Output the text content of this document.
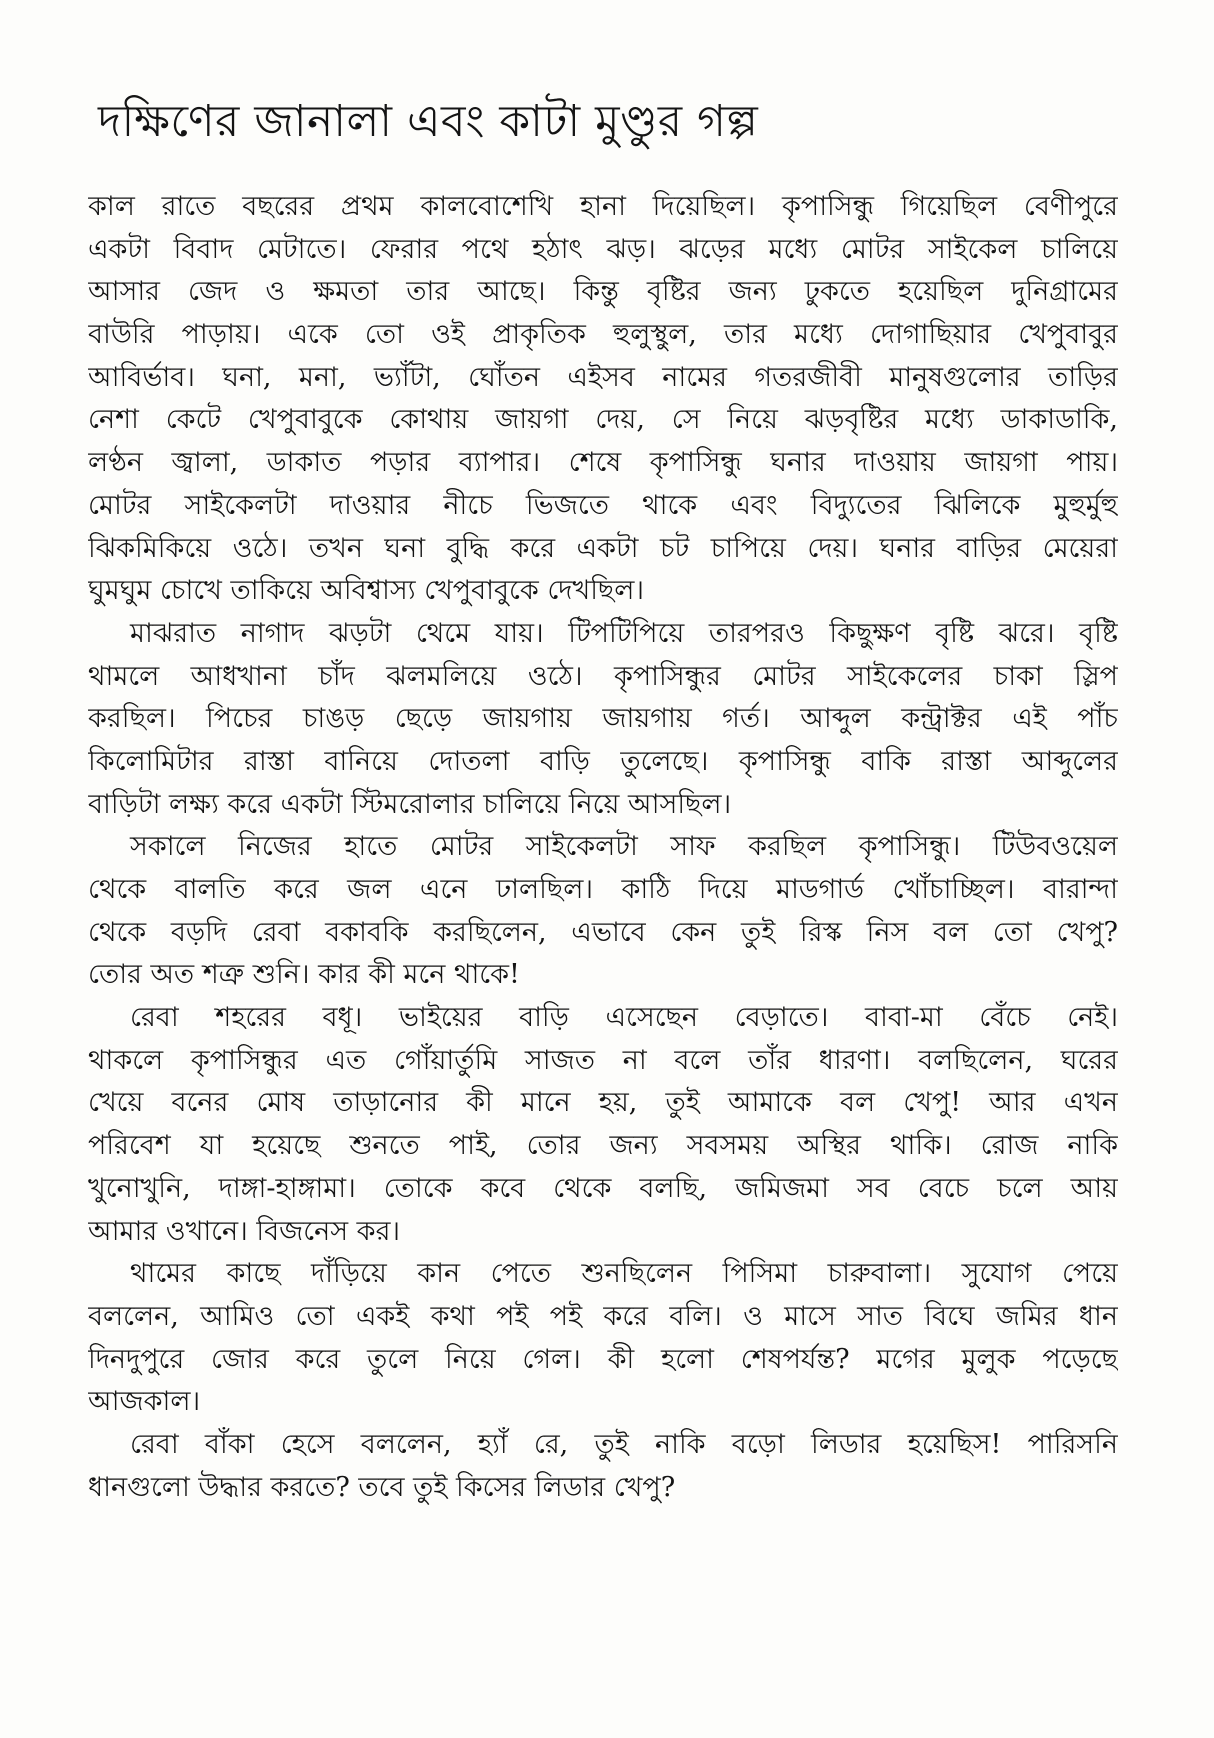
দক্ষিণের জানালা এবং কাটা মুণ্ডুর গল্প
কাল রাতে বছরের প্রথম কালবোশেখি হানা দিয়েছিল। কৃপাসিন্ধু গিয়েছিল বেণীপুরে
একটা বিবাদ মেটাতে। ফেরার পথে হঠাৎ ঝড়। ঝড়ের মধ্যে মোটর সাইকেল চালিয়ে
আসার জেদ ও ক্ষমতা তার আছে। কিন্তু বৃষ্টির জন্য ঢুকতে হয়েছিল দুনিগ্রামের
বাউরি পাড়ায়। একে তো ওই প্রাকৃতিক হুলুস্থুল, তার মধ্যে দোগাছিয়ার খেপুবাবুর
আবির্ভাব। ঘনা, মনা, ভ্যাঁটা, ঘোঁতন এইসব নামের গতরজীবী মানুষগুলোর তাড়ির
নেশা কেটে খেপুবাবুকে কোথায় জায়গা দেয়, সে নিয়ে ঝড়বৃষ্টির মধ্যে ডাকাডাকি,
লণ্ঠন জ্বালা, ডাকাত পড়ার ব্যাপার। শেষে কৃপাসিন্ধু ঘনার দাওয়ায় জায়গা পায়।
মোটর সাইকেলটা দাওয়ার নীচে ভিজতে থাকে এবং বিদ্যুতের ঝিলিকে মুহুর্মুহু
ঝিকমিকিয়ে ওঠে। তখন ঘনা বুদ্ধি করে একটা চট চাপিয়ে দেয়। ঘনার বাড়ির মেয়েরা
ঘুমঘুম চোখে তাকিয়ে অবিশ্বাস্য খেপুবাবুকে দেখছিল।
মাঝরাত নাগাদ ঝড়টা থেমে যায়। টিপটিপিয়ে তারপরও কিছুক্ষণ বৃষ্টি ঝরে। বৃষ্টি
থামলে আধখানা চাঁদ ঝলমলিয়ে ওঠে। কৃপাসিন্ধুর মোটর সাইকেলের চাকা স্লিপ
করছিল। পিচের চাঙড় ছেড়ে জায়গায় জায়গায় গর্ত। আব্দুল কন্ট্রাক্টর এই পাঁচ
কিলোমিটার রাস্তা বানিয়ে দোতলা বাড়ি তুলেছে। কৃপাসিন্ধু বাকি রাস্তা আব্দুলের
বাড়িটা লক্ষ্য করে একটা স্টিমরোলার চালিয়ে নিয়ে আসছিল।
সকালে নিজের হাতে মোটর সাইকেলটা সাফ করছিল কৃপাসিন্ধু। টিউবওয়েল
থেকে বালতি করে জল এনে ঢালছিল। কাঠি দিয়ে মাডগার্ড খোঁচাচ্ছিল। বারান্দা
থেকে বড়দি রেবা বকাবকি করছিলেন, এভাবে কেন তুই রিস্ক নিস বল তো খেপু?
তোর অত শত্রু শুনি। কার কী মনে থাকে!
রেবা শহরের বধূ। ভাইয়ের বাড়ি এসেছেন বেড়াতে। বাবা-মা বেঁচে নেই।
থাকলে কৃপাসিন্ধুর এত গোঁয়ার্তুমি সাজত না বলে তাঁর ধারণা। বলছিলেন, ঘরের
খেয়ে বনের মোষ তাড়ানোর কী মানে হয়, তুই আমাকে বল খেপু! আর এখন
পরিবেশ যা হয়েছে শুনতে পাই, তোর জন্য সবসময় অস্থির থাকি। রোজ নাকি
খুনোখুনি, দাঙ্গা-হাঙ্গামা। তোকে কবে থেকে বলছি, জমিজমা সব বেচে চলে আয়
আমার ওখানে। বিজনেস কর।
থামের কাছে দাঁড়িয়ে কান পেতে শুনছিলেন পিসিমা চারুবালা। সুযোগ পেয়ে
বললেন, আমিও তো একই কথা পই পই করে বলি। ও মাসে সাত বিঘে জমির ধান
দিনদুপুরে জোর করে তুলে নিয়ে গেল। কী হলো শেষপর্যন্ত? মগের মুলুক পড়েছে
আজকাল।
রেবা বাঁকা হেসে বললেন, হ্যাঁ রে, তুই নাকি বড়ো লিডার হয়েছিস! পারিসনি
ধানগুলো উদ্ধার করতে? তবে তুই কিসের লিডার খেপু?
